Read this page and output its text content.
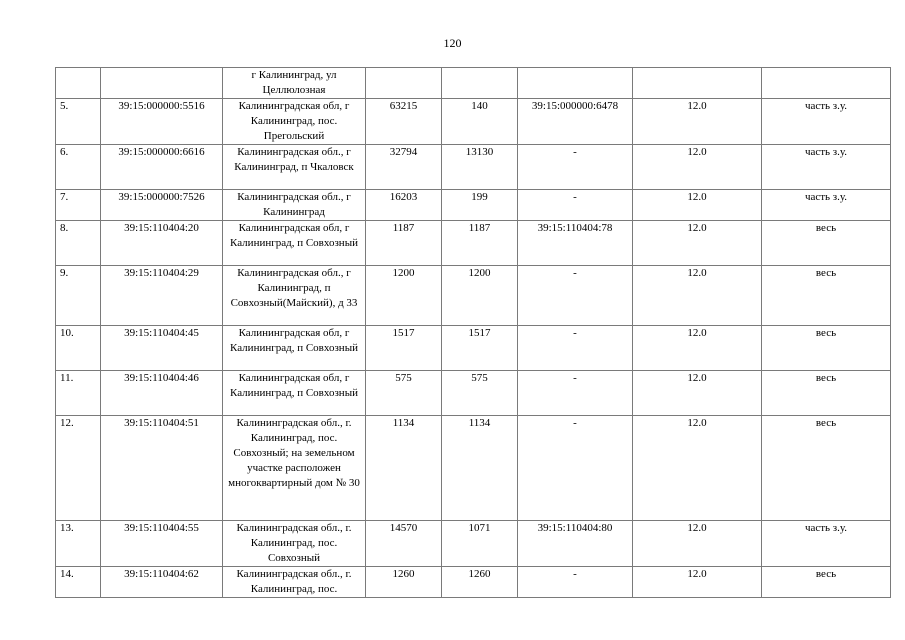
120
		г Калининград, ул Целлюлозная					
5.	39:15:000000:5516	Калининградская обл, г Калининград, пос. Прегольский	63215	140	39:15:000000:6478	12.0	часть з.у.
6.	39:15:000000:6616	Калининградская обл., г Калининград, п Чкаловск	32794	13130	-	12.0	часть з.у.
7.	39:15:000000:7526	Калининградская обл., г Калининград	16203	199	-	12.0	часть з.у.
8.	39:15:110404:20	Калининградская обл, г Калининград, п Совхозный	1187	1187	39:15:110404:78	12.0	весь
9.	39:15:110404:29	Калининградская обл., г Калининград, п Совхозный(Майский), д 33	1200	1200	-	12.0	весь
10.	39:15:110404:45	Калининградская обл, г Калининград, п Совхозный	1517	1517	-	12.0	весь
11.	39:15:110404:46	Калининградская обл, г Калининград, п Совхозный	575	575	-	12.0	весь
12.	39:15:110404:51	Калининградская обл., г. Калининград, пос. Совхозный; на земельном участке расположен многоквартирный дом № 30	1134	1134	-	12.0	весь
13.	39:15:110404:55	Калининградская обл., г. Калининград, пос. Совхозный	14570	1071	39:15:110404:80	12.0	часть з.у.
14.	39:15:110404:62	Калининградская обл., г. Калининград, пос.	1260	1260	-	12.0	весь
